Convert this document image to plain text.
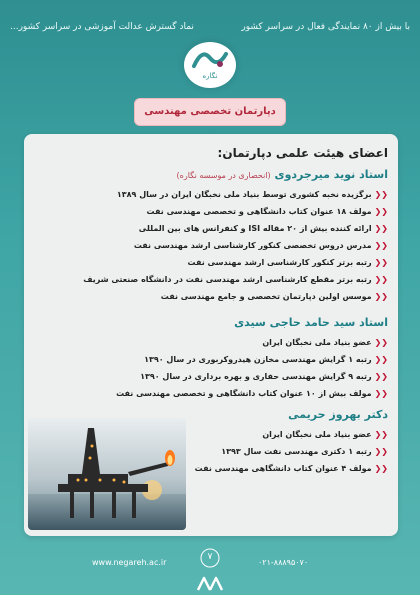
با بیش از ۸۰ نمایندگی فعال در سراسر کشور
نماد گسترش عدالت آموزشی در سراسر کشور...
نگاره
دپارتمان تخصصی مهندسی
اعضای هیئت علمی دپارتمان:
استاد نوید میرجردوی (انحصاری در موسسه نگاره)
❮❮برگزیده نخبه کشوری توسط بنیاد ملی نخبگان ایران در سال ۱۳۸۹
❮❮مولف ۱۸ عنوان کتاب دانشگاهی و تخصصی مهندسی نفت
❮❮ارائه کننده بیش از ۲۰ مقاله ISI و کنفرانس های بین المللی
❮❮مدرس دروس تخصصی کنکور کارشناسی ارشد مهندسی نفت
❮❮رتبه برتر کنکور کارشناسی ارشد مهندسی نفت
❮❮رتبه برتر مقطع کارشناسی ارشد مهندسی نفت در دانشگاه صنعتی شریف
❮❮موسس اولین دپارتمان تخصصی و جامع مهندسی نفت
استاد سید حامد حاجی سیدی
❮❮عضو بنیاد ملی نخبگان ایران
❮❮رتبه ۱ گرایش مهندسی مخازن هیدروکربوری در سال ۱۳۹۰
❮❮رتبه ۹ گرایش مهندسی حفاری و بهره برداری در سال ۱۳۹۰
❮❮مولف بیش از ۱۰ عنوان کتاب دانشگاهی و تخصصی مهندسی نفت
دکتر بهروز حریمی
❮❮عضو بنیاد ملی نخبگان ایران
❮❮رتبه ۱ دکتری مهندسی نفت سال ۱۳۹۳
❮❮مولف ۴ عنوان کتاب دانشگاهی مهندسی نفت
۷
www.negareh.ac.ir	۰۲۱-۸۸۸۹۵۰۷۰
